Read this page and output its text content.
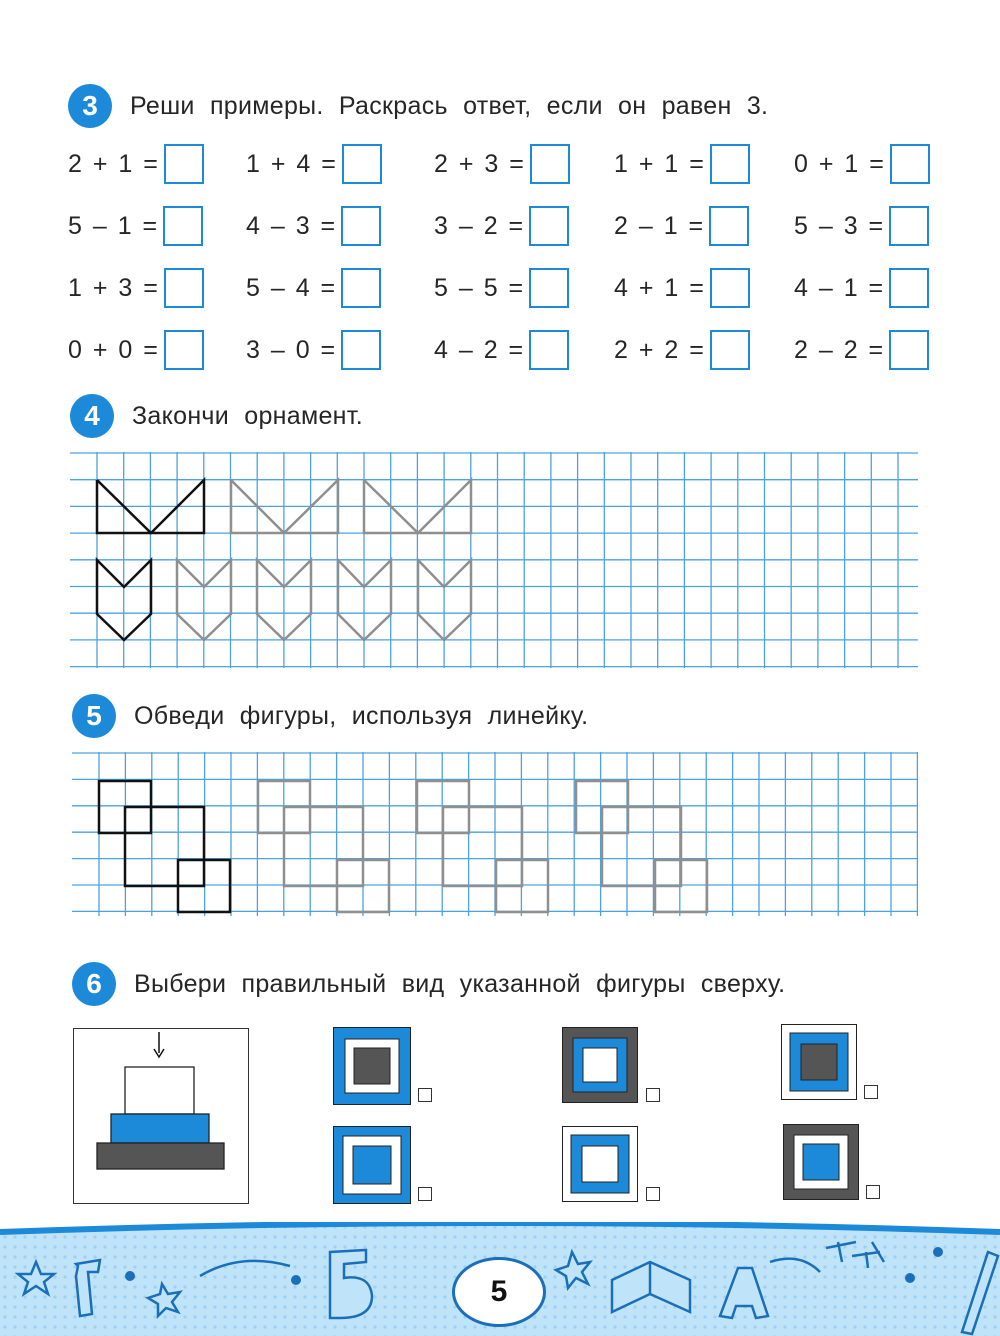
3	Реши примеры. Раскрась ответ, если он равен 3.
2 + 1 =	1 + 4 =	2 + 3 =	1 + 1 =	0 + 1 =
5 – 1 =	4 – 3 =	3 – 2 =	2 – 1 =	5 – 3 =
1 + 3 =	5 – 4 =	5 – 5 =	4 + 1 =	4 – 1 =
0 + 0 =	3 – 0 =	4 – 2 =	2 + 2 =	2 – 2 =
4	Закончи орнамент.
5	Обведи фигуры, используя линейку.
6	Выбери правильный вид указанной фигуры сверху.
5
